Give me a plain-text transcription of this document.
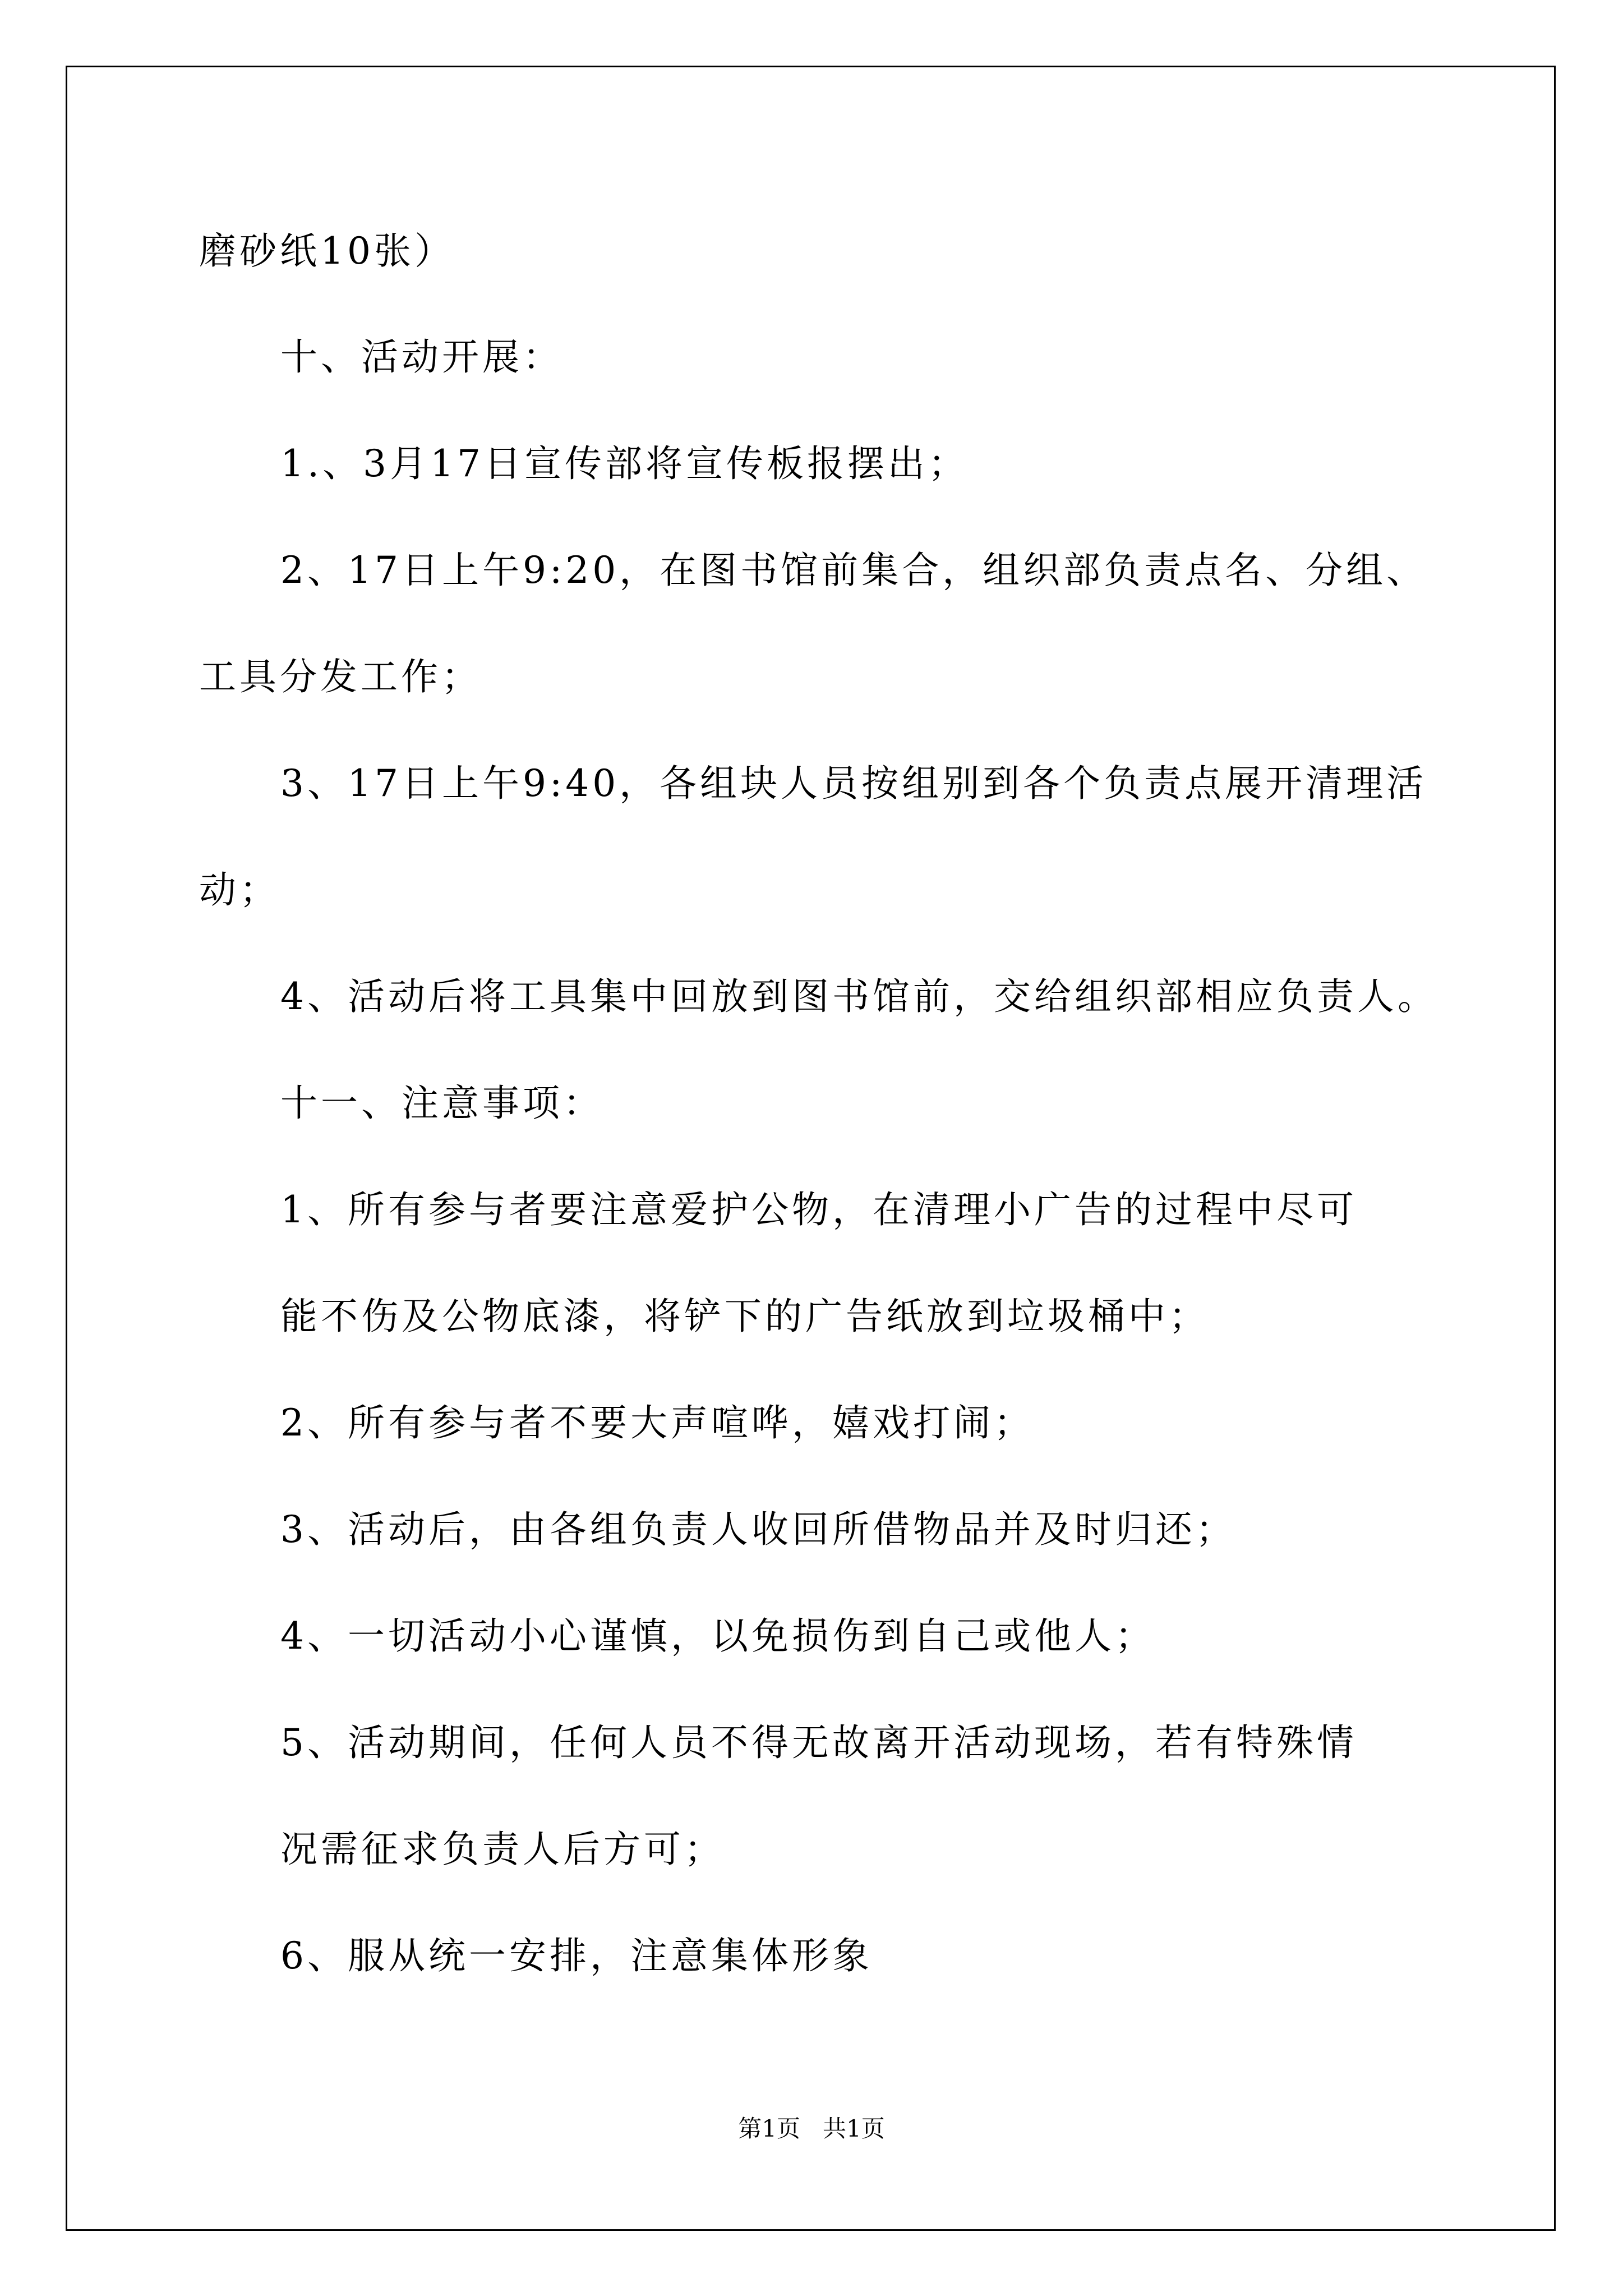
磨砂纸10张）
十、活动开展：
1.、3月17日宣传部将宣传板报摆出；
2、17日上午9:20，在图书馆前集合，组织部负责点名、分组、
工具分发工作；
3、17日上午9:40，各组块人员按组别到各个负责点展开清理活
动；
4、活动后将工具集中回放到图书馆前，交给组织部相应负责人。
十一、注意事项：
1、所有参与者要注意爱护公物，在清理小广告的过程中尽可
能不伤及公物底漆，将铲下的广告纸放到垃圾桶中；
2、所有参与者不要大声喧哗，嬉戏打闹；
3、活动后，由各组负责人收回所借物品并及时归还；
4、一切活动小心谨慎，以免损伤到自己或他人；
5、活动期间，任何人员不得无故离开活动现场，若有特殊情
况需征求负责人后方可；
6、服从统一安排，注意集体形象
第1页   共1页
